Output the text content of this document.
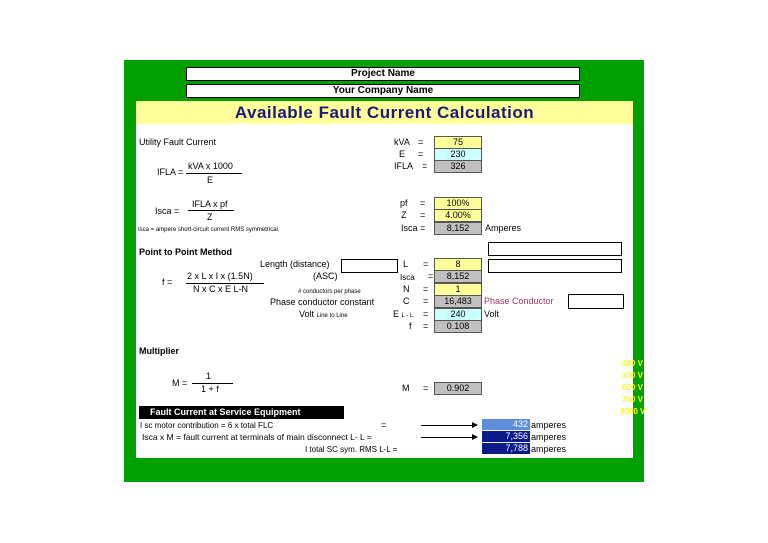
Project Name
Your Company Name
Available Fault Current Calculation
Utility Fault Current
IFLA =
kVA x 1000
E
Isca =
IFLA x pf
Z
Isca = ampere short-circuit current RMS symmetrical.
kVA =	75
E =	230
IFLA =	326
pf =	100%
Z =	4.00%
Isca =	8,152	Amperes
Point to Point Method
f =
2 x L x I x (1.5N)
N x C x E L-N
Length (distance)
(ASC)
# conductors per phase
Phase conductor constant
Volt Line to Line
L =	8
Isca =	8,152
N =	1
C =	16,483	Phase Conductor
E L - L =	240	Volt
f =	0.108
Multiplier
M =
1
1 + f	M =	0.902
480 V
300 V
600 V
750 V
1000 V
Fault Current at Service Equipment
I sc motor contribution = 6 x total FLC	=	432 amperes
Isca x M = fault current at terminals of main disconnect L- L =	7,356 amperes
I total SC sym. RMS L-L =	7,788 amperes
